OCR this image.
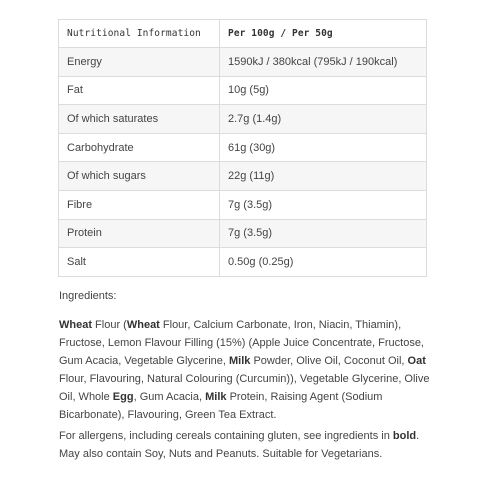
Nutritional Information	Per 100g / Per 50g
Energy	1590kJ / 380kcal (795kJ / 190kcal)
Fat	10g (5g)
Of which saturates	2.7g (1.4g)
Carbohydrate	61g (30g)
Of which sugars	22g (11g)
Fibre	7g (3.5g)
Protein	7g (3.5g)
Salt	0.50g (0.25g)
Ingredients:

Wheat Flour (Wheat Flour, Calcium Carbonate, Iron, Niacin, Thiamin), Fructose, Lemon Flavour Filling (15%) (Apple Juice Concentrate, Fructose, Gum Acacia, Vegetable Glycerine, Milk Powder, Olive Oil, Coconut Oil, Oat Flour, Flavouring, Natural Colouring (Curcumin)), Vegetable Glycerine, Olive Oil, Whole Egg, Gum Acacia, Milk Protein, Raising Agent (Sodium Bicarbonate), Flavouring, Green Tea Extract.

For allergens, including cereals containing gluten, see ingredients in bold. May also contain Soy, Nuts and Peanuts. Suitable for Vegetarians.
